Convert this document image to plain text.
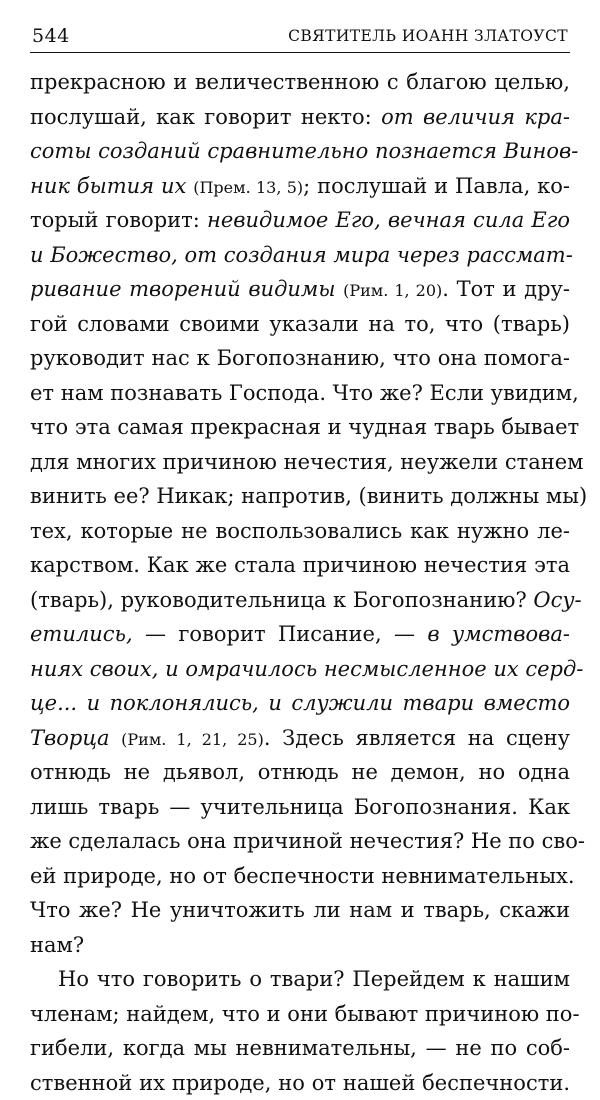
544	СВЯТИТЕЛЬ ИОАНН ЗЛАТОУСТ
прекрасною и величественною с благою целью,
послушай, как говорит некто: от величия кра-
соты созданий сравнительно познается Винов-
ник бытия их (Прем. 13, 5); послушай и Павла, ко-
торый говорит: невидимое Его, вечная сила Его
и Божество, от создания мира через рассмат-
ривание творений видимы (Рим. 1, 20). Тот и дру-
гой словами своими указали на то, что (тварь)
руководит нас к Богопознанию, что она помога-
ет нам познавать Господа. Что же? Если увидим,
что эта самая прекрасная и чудная тварь бывает
для многих причиною нечестия, неужели станем
винить ее? Никак; напротив, (винить должны мы)
тех, которые не воспользовались как нужно ле-
карством. Как же стала причиною нечестия эта
(тварь), руководительница к Богопознанию? Осу-
етились, — говорит Писание, — в умствова-
ниях своих, и омрачилось несмысленное их серд-
це... и поклонялись, и служили твари вместо
Творца (Рим. 1, 21, 25). Здесь является на сцену
отнюдь не дьявол, отнюдь не демон, но одна
лишь тварь — учительница Богопознания. Как
же сделалась она причиной нечестия? Не по сво-
ей природе, но от беспечности невнимательных.
Что же? Не уничтожить ли нам и тварь, скажи
нам?
Но что говорить о твари? Перейдем к нашим
членам; найдем, что и они бывают причиною по-
гибели, когда мы невнимательны, — не по соб-
ственной их природе, но от нашей беспечности.
